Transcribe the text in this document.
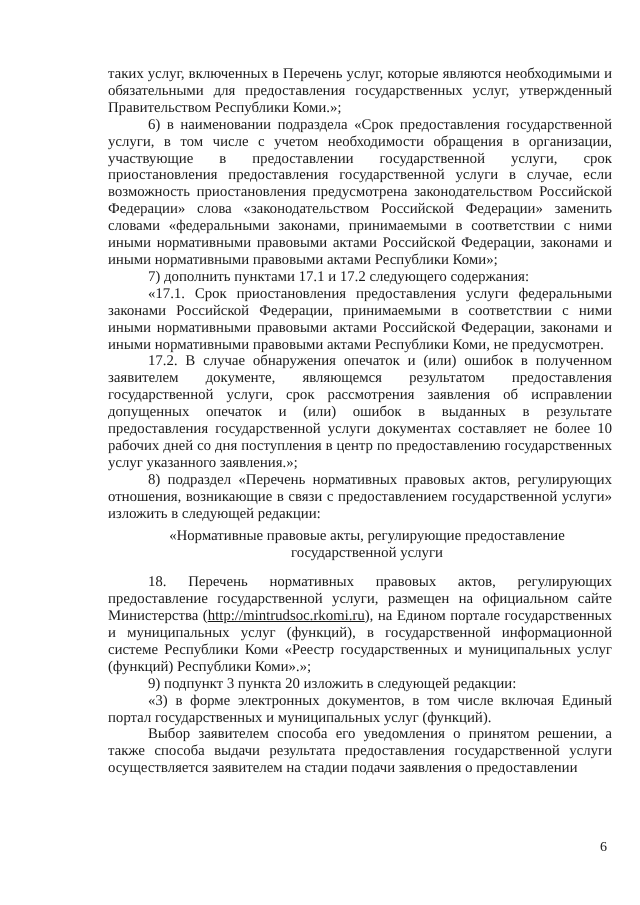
таких услуг, включенных в Перечень услуг, которые являются необходимыми и обязательными для предоставления государственных услуг, утвержденный Правительством Республики Коми.»;

6) в наименовании подраздела «Срок предоставления государственной услуги, в том числе с учетом необходимости обращения в организации, участвующие в предоставлении государственной услуги, срок приостановления предоставления государственной услуги в случае, если возможность приостановления предусмотрена законодательством Российской Федерации» слова «законодательством Российской Федерации» заменить словами «федеральными законами, принимаемыми в соответствии с ними иными нормативными правовыми актами Российской Федерации, законами и иными нормативными правовыми актами Республики Коми»;

7) дополнить пунктами 17.1 и 17.2 следующего содержания:

«17.1. Срок приостановления предоставления услуги федеральными законами Российской Федерации, принимаемыми в соответствии с ними иными нормативными правовыми актами Российской Федерации, законами и иными нормативными правовыми актами Республики Коми, не предусмотрен.

17.2. В случае обнаружения опечаток и (или) ошибок в полученном заявителем документе, являющемся результатом предоставления государственной услуги, срок рассмотрения заявления об исправлении допущенных опечаток и (или) ошибок в выданных в результате предоставления государственной услуги документах составляет не более 10 рабочих дней со дня поступления в центр по предоставлению государственных услуг указанного заявления.»;

8) подраздел «Перечень нормативных правовых актов, регулирующих отношения, возникающие в связи с предоставлением государственной услуги» изложить в следующей редакции:

«Нормативные правовые акты, регулирующие предоставление
государственной услуги

18. Перечень нормативных правовых актов, регулирующих предоставление государственной услуги, размещен на официальном сайте Министерства (http://mintrudsoc.rkomi.ru), на Едином портале государственных и муниципальных услуг (функций), в государственной информационной системе Республики Коми «Реестр государственных и муниципальных услуг (функций) Республики Коми».»;

9) подпункт 3 пункта 20 изложить в следующей редакции:

«3) в форме электронных документов, в том числе включая Единый портал государственных и муниципальных услуг (функций).

Выбор заявителем способа его уведомления о принятом решении, а также способа выдачи результата предоставления государственной услуги осуществляется заявителем на стадии подачи заявления о предоставлении

6
